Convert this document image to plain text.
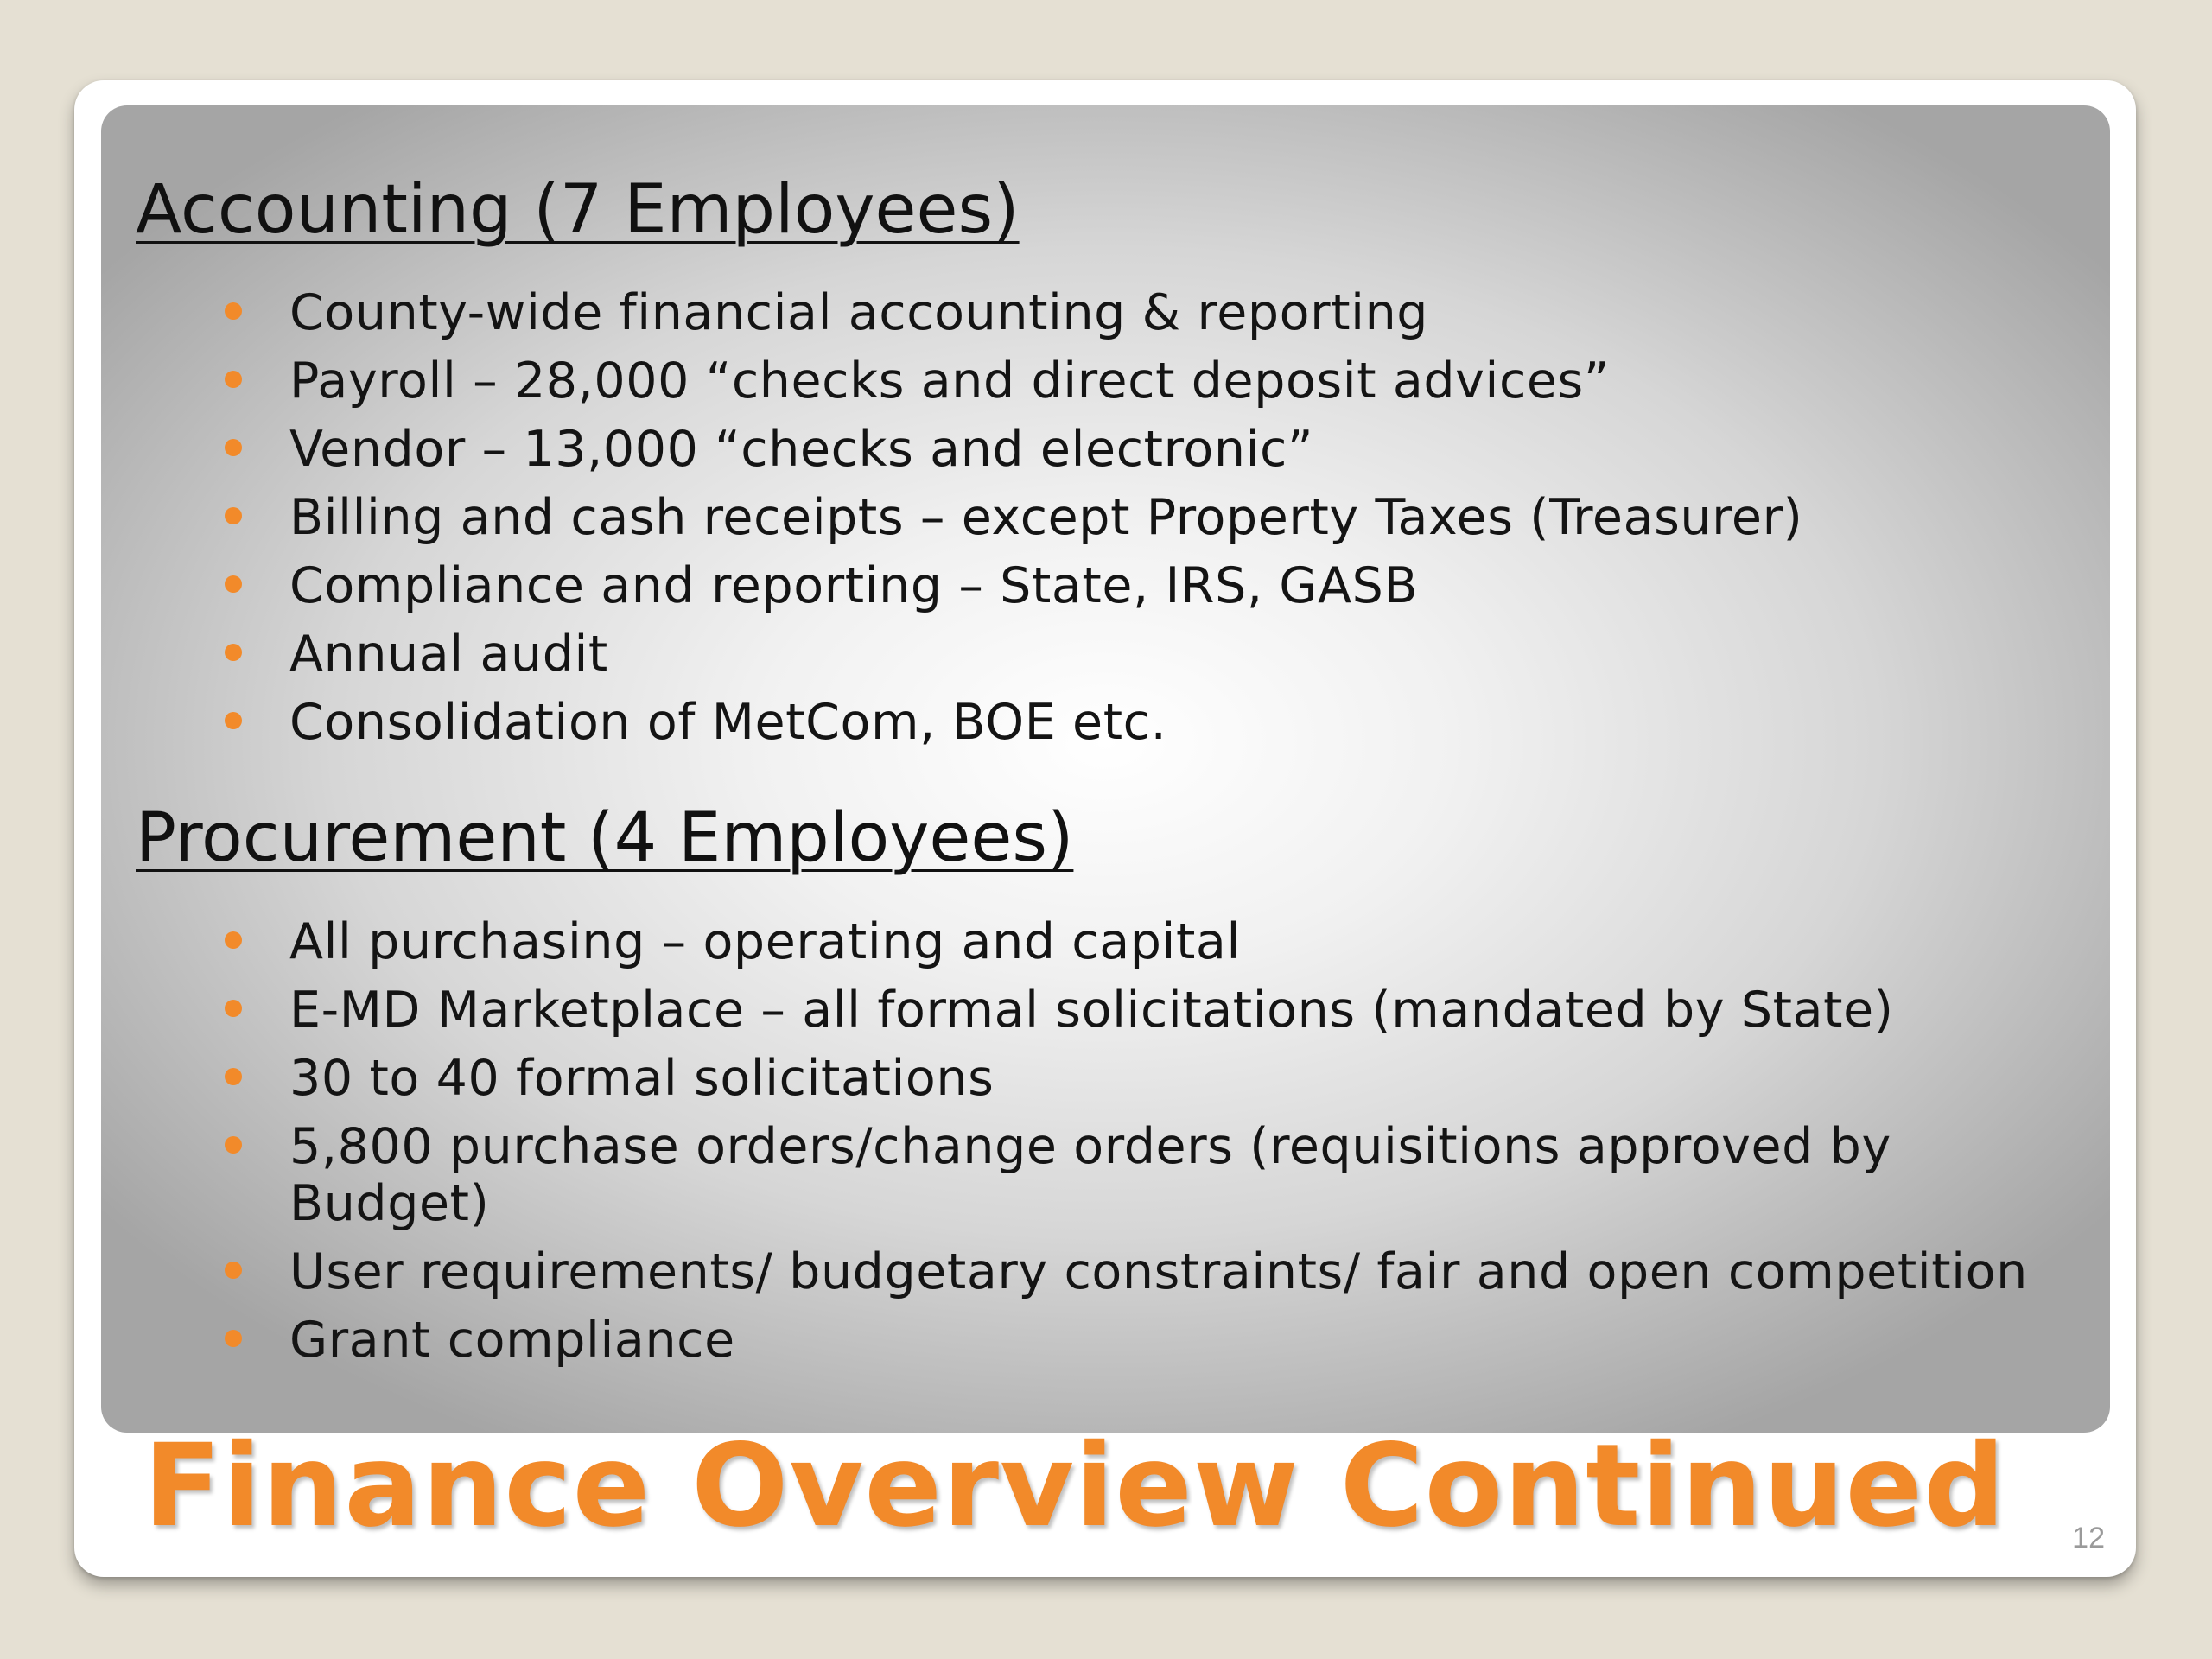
Accounting (7 Employees)
County-wide financial accounting & reporting
Payroll – 28,000 “checks and direct deposit advices”
Vendor – 13,000 “checks and electronic”
Billing and cash receipts – except Property Taxes (Treasurer)
Compliance and reporting – State, IRS, GASB
Annual audit
Consolidation of MetCom, BOE etc.
Procurement (4 Employees)
All purchasing – operating and capital
E-MD Marketplace – all formal solicitations (mandated by State)
30 to 40 formal solicitations
5,800 purchase orders/change orders (requisitions approved by Budget)
User requirements/ budgetary constraints/ fair and open competition
Grant compliance
Finance Overview Continued 12
